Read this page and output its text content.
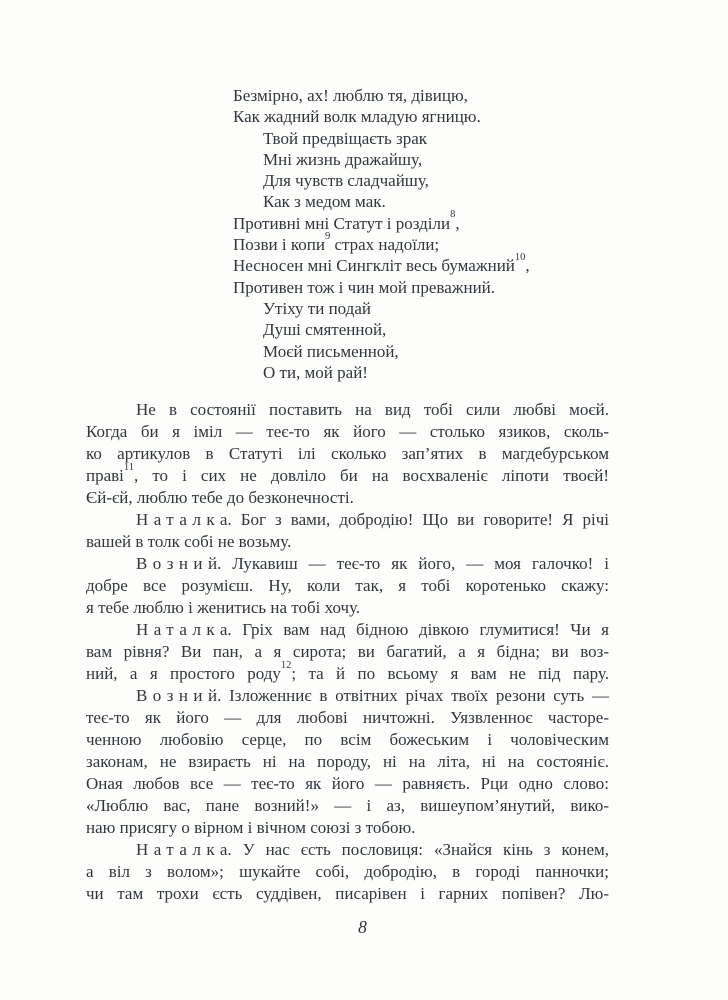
Безмірно, ах! люблю тя, дівицю,
Как жадний волк младую ягницю.
Твой предвіщаєть зрак
Мні жизнь дражайшу,
Для чувств сладчайшу,
Как з медом мак.
Противні мні Статут і розділи$^8$,
Позви і копи$^9$ страх надоїли;
Несносен мні Сингкліт весь бумажний$^{10}$,
Противен тож і чин мой преважний.
Утіху ти подай
Душі смятенной,
Моєй письменной,
О ти, мой рай!
Не в состоянії поставить на вид тобі сили любві моєй.
Когда би я іміл — теє-то як його — столько язиков, сколь-
ко артикулов в Статуті ілі сколько зап’ятих в магдебурськом
праві$^{11}$, то і сих не довліло би на восхваленіє ліпоти твоєй!
Єй-єй, люблю тебе до безконечності.
Наталка. Бог з вами, добродію! Що ви говорите! Я річі
вашей в толк собі не возьму.
Возний. Лукавиш — теє-то як його, — моя галочко! і
добре все розумієш. Ну, коли так, я тобі коротенько скажу:
я тебе люблю і женитись на тобі хочу.
Наталка. Гріх вам над бідною дівкою глумитися! Чи я
вам рівня? Ви пан, а я сирота; ви багатий, а я бідна; ви воз-
ний, а я простого роду$^{12}$; та й по всьому я вам не під пару.
Возний. Ізложенниє в отвітних річах твоїх резони суть —
теє-то як його — для любові ничтожні. Уязвленноє часторе-
ченною любовію серце, по всім божеським і чоловіческим
законам, не взираєть ні на породу, ні на літа, ні на состояніє.
Оная любов все — теє-то як його — равняєть. Рци одно слово:
«Люблю вас, пане возний!» — і аз, вишеупом’янутий, вико-
наю присягу о вірном і вічном союзі з тобою.
Наталка. У нас єсть пословиця: «Знайся кінь з конем,
а віл з волом»; шукайте собі, добродію, в городі панночки;
чи там трохи єсть суддівен, писарівен і гарних попівен? Лю-
8
